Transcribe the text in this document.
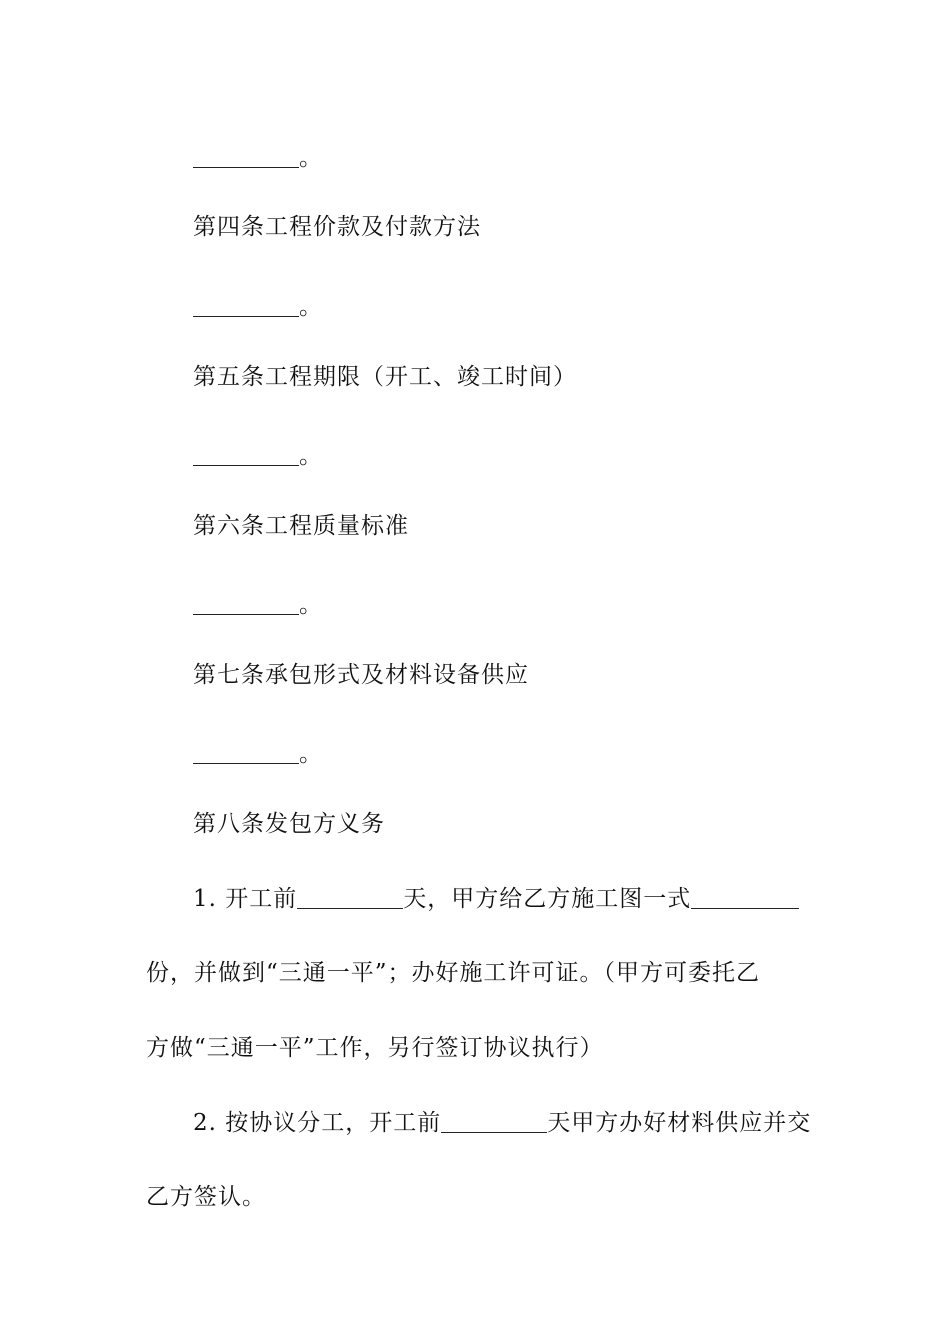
。
第四条工程价款及付款方法
。
第五条工程期限（开工、竣工时间）
。
第六条工程质量标准
。
第七条承包形式及材料设备供应
。
第八条发包方义务
1. 开工前	天，甲方给乙方施工图一式
份，并做到“三通一平”；办好施工许可证。（甲方可委托乙
方做“三通一平”工作，另行签订协议执行）
2. 按协议分工，开工前	天甲方办好材料供应并交
乙方签认。
